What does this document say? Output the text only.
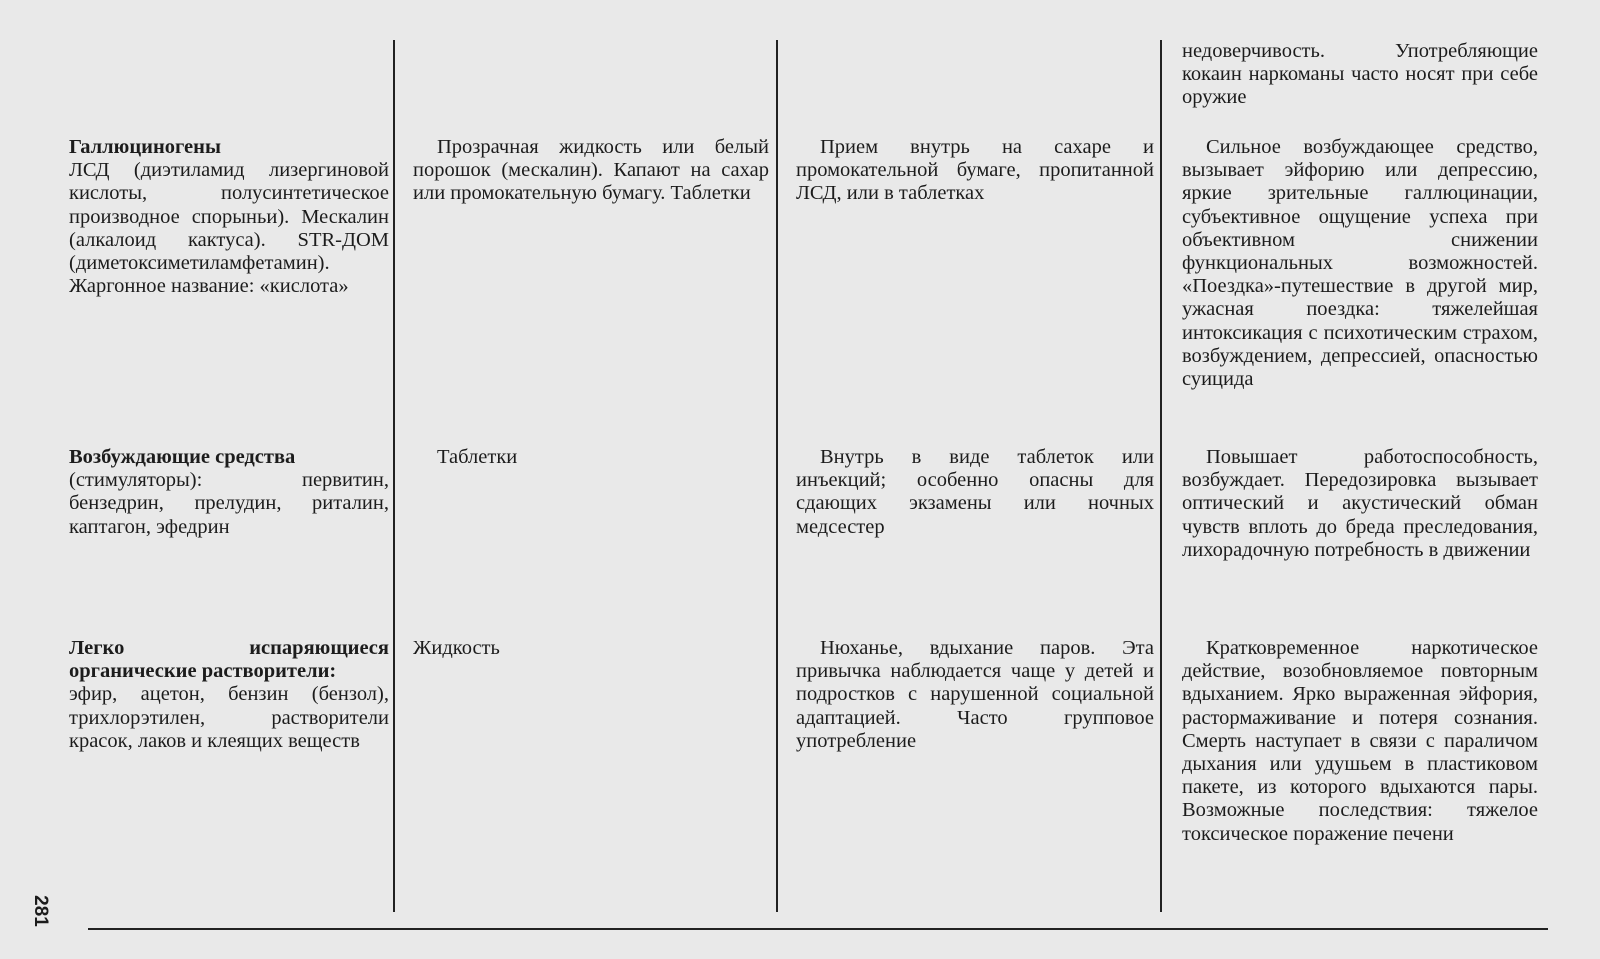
недоверчивость. Употребляющие кокаин наркоманы часто носят при себе оружие

Галлюциногены

ЛСД (диэтиламид лизергиновой кислоты, полусинтетическое производное спорыньи). Мескалин (алкалоид кактуса). STR-ДОМ (диметоксиметиламфетамин). Жаргонное название: «кислота»

Прозрачная жидкость или белый порошок (мескалин). Капают на сахар или промокательную бумагу. Таблетки
Прием внутрь на сахаре и промокательной бумаге, пропитанной ЛСД, или в таблетках
Сильное возбуждающее средство, вызывает эйфорию или депрессию, яркие зрительные галлюцинации, субъективное ощущение успеха при объективном снижении функциональных возможностей. «Поездка»-путешествие в другой мир, ужасная поездка: тяжелейшая интоксикация с психотическим страхом, возбуждением, депрессией, опасностью суицида

Возбуждающие средства

(стимуляторы): первитин, бензедрин, прелудин, риталин, каптагон, эфедрин

Таблетки	Внутрь в виде таблеток или инъекций; особенно опасны для сдающих экзамены или ночных медсестер
Повышает работоспособность, возбуждает. Передозировка вызывает оптический и акустический обман чувств вплоть до бреда преследования, лихорадочную потребность в движении

Легко испаряющиеся органические растворители:

эфир, ацетон, бензин (бензол), трихлорэтилен, растворители красок, лаков и клеящих веществ

Жидкость	Нюханье, вдыхание паров. Эта привычка наблюдается чаще у детей и подростков с нарушенной социальной адаптацией. Часто групповое употребление
Кратковременное наркотическое действие, возобновляемое повторным вдыханием. Ярко выраженная эйфория, растормаживание и потеря сознания. Смерть наступает в связи с параличом дыхания или удушьем в пластиковом пакете, из которого вдыхаются пары. Возможные последствия: тяжелое токсическое поражение печени
281
